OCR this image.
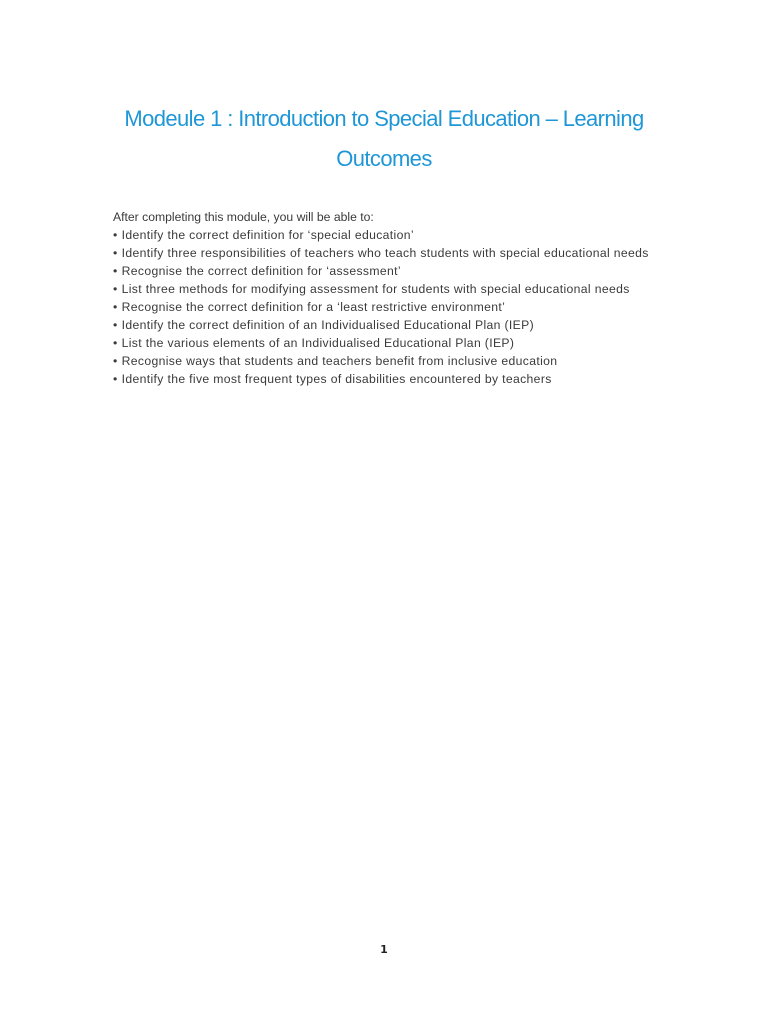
Modeule 1 : Introduction to Special Education – Learning Outcomes

After completing this module, you will be able to:

• Identify the correct definition for ‘special education’
• Identify three responsibilities of teachers who teach students with special educational needs
• Recognise the correct definition for ‘assessment’
• List three methods for modifying assessment for students with special educational needs
• Recognise the correct definition for a ‘least restrictive environment’
• Identify the correct definition of an Individualised Educational Plan (IEP)
• List the various elements of an Individualised Educational Plan (IEP)
• Recognise ways that students and teachers benefit from inclusive education
• Identify the five most frequent types of disabilities encountered by teachers
1
